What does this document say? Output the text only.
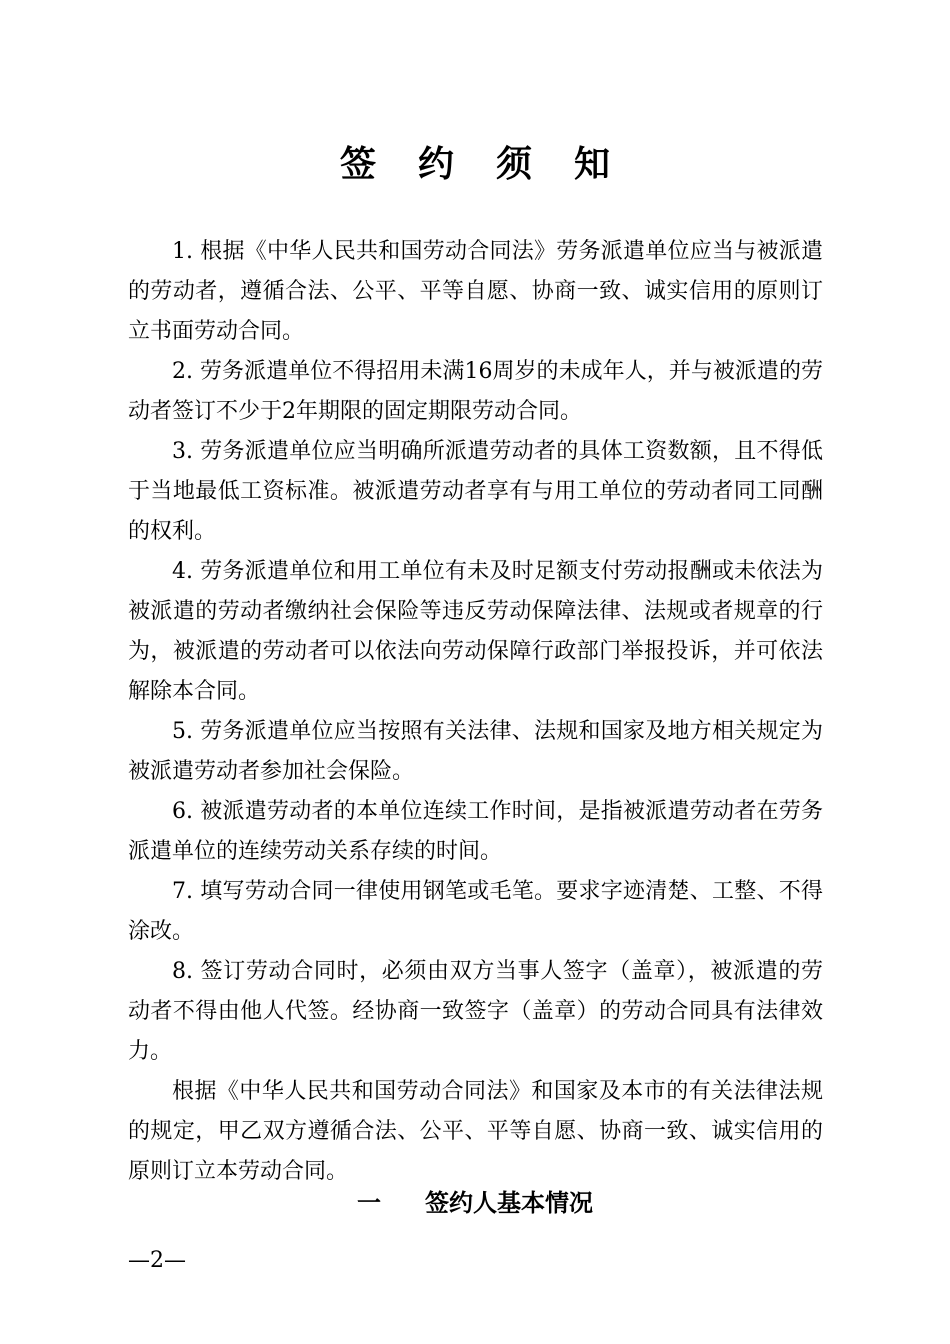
签约须知

1. 根据《中华人民共和国劳动合同法》劳务派遣单位应当与被派遣的劳动者，遵循合法、公平、平等自愿、协商一致、诚实信用的原则订立书面劳动合同。

2. 劳务派遣单位不得招用未满16周岁的未成年人，并与被派遣的劳动者签订不少于2年期限的固定期限劳动合同。

3. 劳务派遣单位应当明确所派遣劳动者的具体工资数额，且不得低于当地最低工资标准。被派遣劳动者享有与用工单位的劳动者同工同酬的权利。

4. 劳务派遣单位和用工单位有未及时足额支付劳动报酬或未依法为被派遣的劳动者缴纳社会保险等违反劳动保障法律、法规或者规章的行为，被派遣的劳动者可以依法向劳动保障行政部门举报投诉，并可依法解除本合同。

5. 劳务派遣单位应当按照有关法律、法规和国家及地方相关规定为被派遣劳动者参加社会保险。

6. 被派遣劳动者的本单位连续工作时间，是指被派遣劳动者在劳务派遣单位的连续劳动关系存续的时间。

7. 填写劳动合同一律使用钢笔或毛笔。要求字迹清楚、工整、不得涂改。

8. 签订劳动合同时，必须由双方当事人签字（盖章），被派遣的劳动者不得由他人代签。经协商一致签字（盖章）的劳动合同具有法律效力。

根据《中华人民共和国劳动合同法》和国家及本市的有关法律法规的规定，甲乙双方遵循合法、公平、平等自愿、协商一致、诚实信用的原则订立本劳动合同。

一 签约人基本情况
—2—
